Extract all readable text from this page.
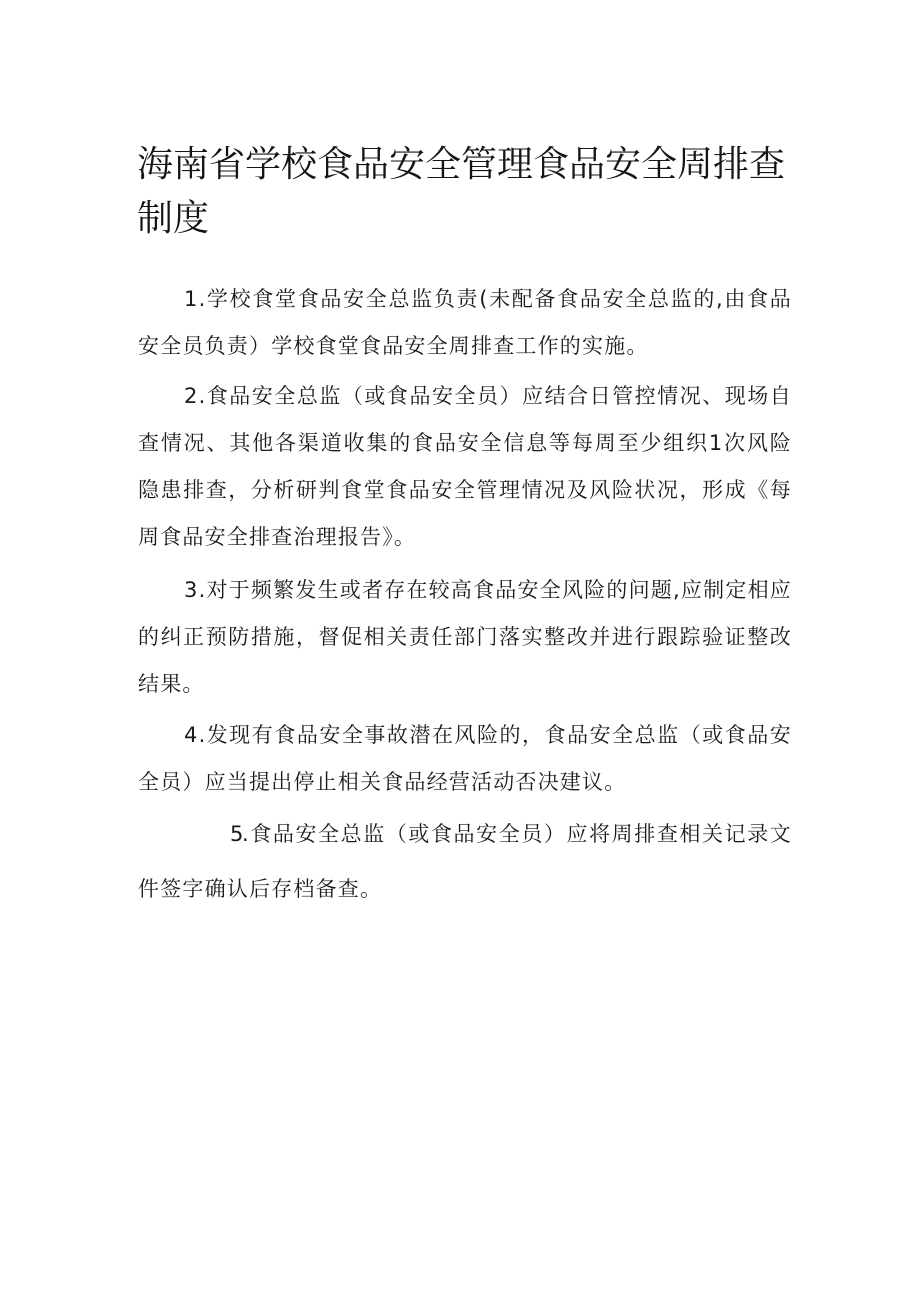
海南省学校食品安全管理食品安全周排查制度

1.学校食堂食品安全总监负责(未配备食品安全总监的,由食品安全员负责）学校食堂食品安全周排查工作的实施。

2.食品安全总监（或食品安全员）应结合日管控情况、现场自查情况、其他各渠道收集的食品安全信息等每周至少组织1次风险隐患排查，分析研判食堂食品安全管理情况及风险状况，形成《每周食品安全排查治理报告》。

3.对于频繁发生或者存在较高食品安全风险的问题,应制定相应的纠正预防措施，督促相关责任部门落实整改并进行跟踪验证整改结果。

4.发现有食品安全事故潜在风险的，食品安全总监（或食品安全员）应当提出停止相关食品经营活动否决建议。

5.食品安全总监（或食品安全员）应将周排查相关记录文件签字确认后存档备查。
